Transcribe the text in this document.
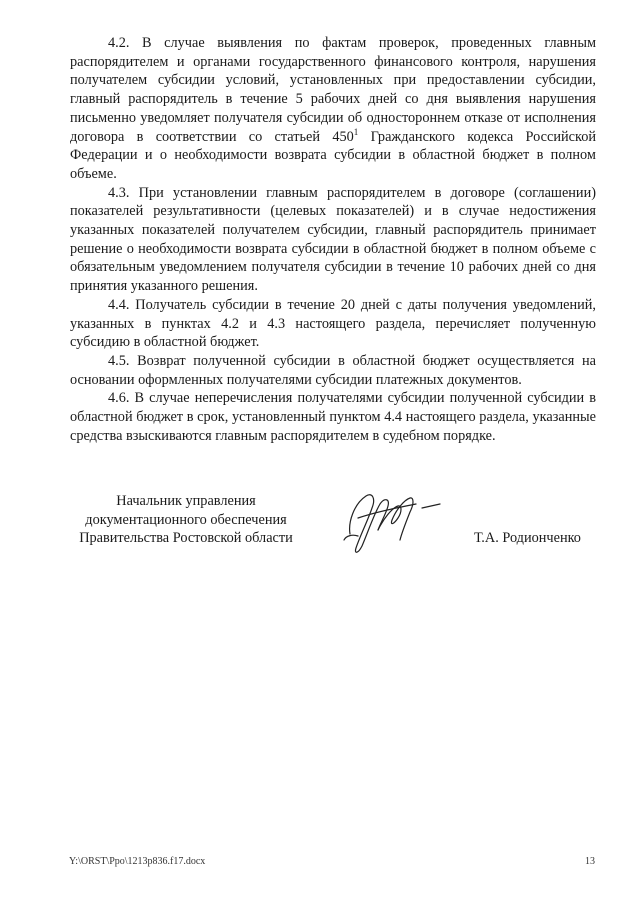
4.2. В случае выявления по фактам проверок, проведенных главным распорядителем и органами государственного финансового контроля, нарушения получателем субсидии условий, установленных при предоставлении субсидии, главный распорядитель в течение 5 рабочих дней со дня выявления нарушения письменно уведомляет получателя субсидии об одностороннем отказе от исполнения договора в соответствии со статьей $450^1$ Гражданского кодекса Российской Федерации и о необходимости возврата субсидии в областной бюджет в полном объеме.

4.3. При установлении главным распорядителем в договоре (соглашении) показателей результативности (целевых показателей) и в случае недостижения указанных показателей получателем субсидии, главный распорядитель принимает решение о необходимости возврата субсидии в областной бюджет в полном объеме с обязательным уведомлением получателя субсидии в течение 10 рабочих дней со дня принятия указанного решения.

4.4. Получатель субсидии в течение 20 дней с даты получения уведомлений, указанных в пунктах 4.2 и 4.3 настоящего раздела, перечисляет полученную субсидию в областной бюджет.

4.5. Возврат полученной субсидии в областной бюджет осуществляется на основании оформленных получателями субсидии платежных документов.

4.6. В случае неперечисления получателями субсидии полученной субсидии в областной бюджет в срок, установленный пунктом 4.4 настоящего раздела, указанные средства взыскиваются главным распорядителем в судебном порядке.

Начальник управления
документационного обеспечения
Правительства Ростовской области	Т.А. Родионченко
Y:\ORST\Ppo\1213p836.f17.docx	13
